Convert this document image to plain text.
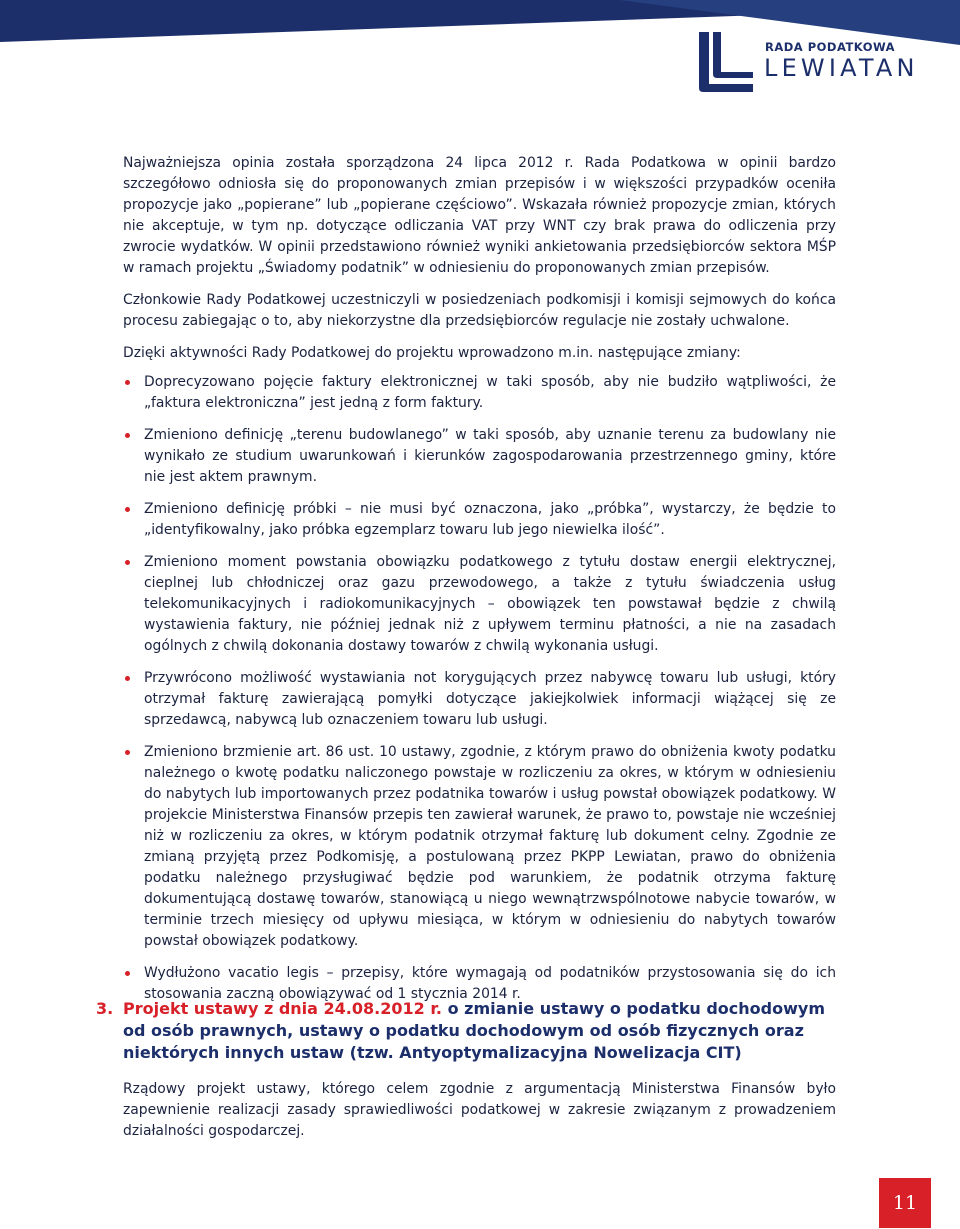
RADA PODATKOWA
LEWIATAN

Najważniejsza opinia została sporządzona 24 lipca 2012 r. Rada Podatkowa w opinii bardzo szczegółowo odniosła się do proponowanych zmian przepisów i w większości przypadków oceniła propozycje jako „popierane” lub „popierane częściowo”. Wskazała również propozycje zmian, których nie akceptuje, w tym np. dotyczące odliczania VAT przy WNT czy brak prawa do odliczenia przy zwrocie wydatków. W opinii przedstawiono również wyniki ankietowania przedsiębiorców sektora MŚP w ramach projektu „Świadomy podatnik” w odniesieniu do proponowanych zmian przepisów.

Członkowie Rady Podatkowej uczestniczyli w posiedzeniach podkomisji i komisji sejmowych do końca procesu zabiegając o to, aby niekorzystne dla przedsiębiorców regulacje nie zostały uchwalone.

Dzięki aktywności Rady Podatkowej do projektu wprowadzono m.in. następujące zmiany:

Doprecyzowano pojęcie faktury elektronicznej w taki sposób, aby nie budziło wątpliwości, że „faktura elektroniczna” jest jedną z form faktury.
Zmieniono definicję „terenu budowlanego” w taki sposób, aby uznanie terenu za budowlany nie wynikało ze studium uwarunkowań i kierunków zagospodarowania przestrzennego gminy, które nie jest aktem prawnym.
Zmieniono definicję próbki – nie musi być oznaczona, jako „próbka”, wystarczy, że będzie to „identyfikowalny, jako próbka egzemplarz towaru lub jego niewielka ilość”.
Zmieniono moment powstania obowiązku podatkowego z tytułu dostaw energii elektrycznej, cieplnej lub chłodniczej oraz gazu przewodowego, a także z tytułu świadczenia usług telekomunikacyjnych i radiokomunikacyjnych – obowiązek ten powstawał będzie z chwilą wystawienia faktury, nie później jednak niż z upływem terminu płatności, a nie na zasadach ogólnych z chwilą dokonania dostawy towarów z chwilą wykonania usługi.
Przywrócono możliwość wystawiania not korygujących przez nabywcę towaru lub usługi, który otrzymał fakturę zawierającą pomyłki dotyczące jakiejkolwiek informacji wiążącej się ze sprzedawcą, nabywcą lub oznaczeniem towaru lub usługi.
Zmieniono brzmienie art. 86 ust. 10 ustawy, zgodnie, z którym prawo do obniżenia kwoty podatku należnego o kwotę podatku naliczonego powstaje w rozliczeniu za okres, w którym w odniesieniu do nabytych lub importowanych przez podatnika towarów i usług powstał obowiązek podatkowy. W projekcie Ministerstwa Finansów przepis ten zawierał warunek, że prawo to, powstaje nie wcześniej niż w rozliczeniu za okres, w którym podatnik otrzymał fakturę lub dokument celny. Zgodnie ze zmianą przyjętą przez Podkomisję, a postulowaną przez PKPP Lewiatan, prawo do obniżenia podatku należnego przysługiwać będzie pod warunkiem, że podatnik otrzyma fakturę dokumentującą dostawę towarów, stanowiącą u niego wewnątrzwspólnotowe nabycie towarów, w terminie trzech miesięcy od upływu miesiąca, w którym w odniesieniu do nabytych towarów powstał obowiązek podatkowy.
Wydłużono vacatio legis – przepisy, które wymagają od podatników przystosowania się do ich stosowania zaczną obowiązywać od 1 stycznia 2014 r.
3. Projekt ustawy z dnia 24.08.2012 r. o zmianie ustawy o podatku dochodowym od osób prawnych, ustawy o podatku dochodowym od osób fizycznych oraz niektórych innych ustaw (tzw. Antyoptymalizacyjna Nowelizacja CIT)

Rządowy projekt ustawy, którego celem zgodnie z argumentacją Ministerstwa Finansów było zapewnienie realizacji zasady sprawiedliwości podatkowej w zakresie związanym z prowadzeniem działalności gospodarczej.

11
